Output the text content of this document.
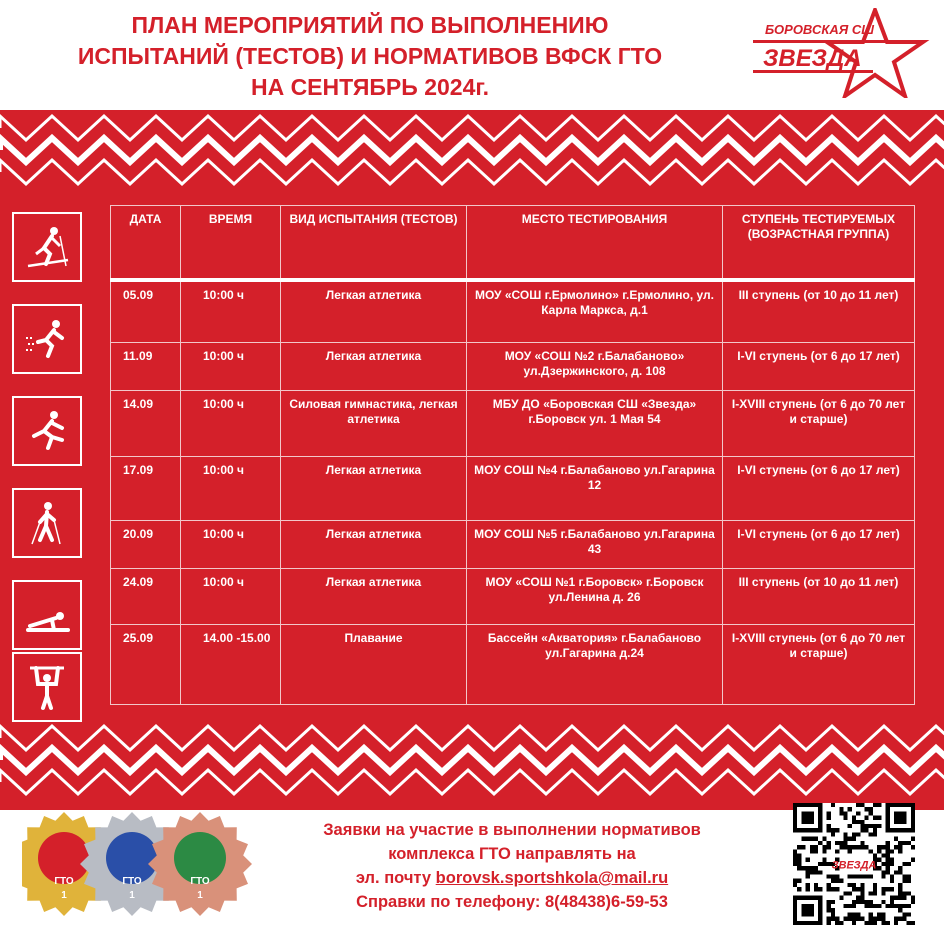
ПЛАН МЕРОПРИЯТИЙ ПО ВЫПОЛНЕНИЮ
ИСПЫТАНИЙ (ТЕСТОВ) И НОРМАТИВОВ ВФСК ГТО
НА СЕНТЯБРЬ 2024г.
БОРОВСКАЯ СШ
ЗВЕЗДА
ДАТА	ВРЕМЯ	ВИД ИСПЫТАНИЯ (ТЕСТОВ)	МЕСТО ТЕСТИРОВАНИЯ	СТУПЕНЬ ТЕСТИРУЕМЫХ (ВОЗРАСТНАЯ ГРУППА)
05.09	10:00 ч	Легкая атлетика	МОУ «СОШ г.Ермолино» г.Ермолино, ул. Карла Маркса, д.1	III ступень (от 10 до 11 лет)
11.09	10:00 ч	Легкая атлетика	МОУ «СОШ №2 г.Балабаново» ул.Дзержинского, д. 108	I-VI ступень (от 6 до 17 лет)
14.09	10:00 ч	Силовая гимнастика, легкая атлетика	МБУ ДО «Боровская СШ «Звезда» г.Боровск ул. 1 Мая 54	I-XVIII ступень (от 6 до 70 лет и старше)
17.09	10:00 ч	Легкая атлетика	МОУ СОШ №4 г.Балабаново ул.Гагарина 12	I-VI ступень (от 6 до 17 лет)
20.09	10:00 ч	Легкая атлетика	МОУ СОШ №5 г.Балабаново ул.Гагарина 43	I-VI ступень (от 6 до 17 лет)
24.09	10:00 ч	Легкая атлетика	МОУ «СОШ №1 г.Боровск» г.Боровск ул.Ленина д. 26	III ступень (от 10 до 11 лет)
25.09	14.00 -15.00	Плавание	Бассейн «Акватория» г.Балабаново ул.Гагарина д.24	I-XVIII ступень (от 6 до 70 лет и старше)
Заявки на участие в выполнении нормативов
комплекса ГТО направлять на
эл. почту borovsk.sportshkola@mail.ru
Справки по телефону: 8(48438)6-59-53
ГТО
1
ГТО
1
ГТО
1
ЗВЕЗДА
